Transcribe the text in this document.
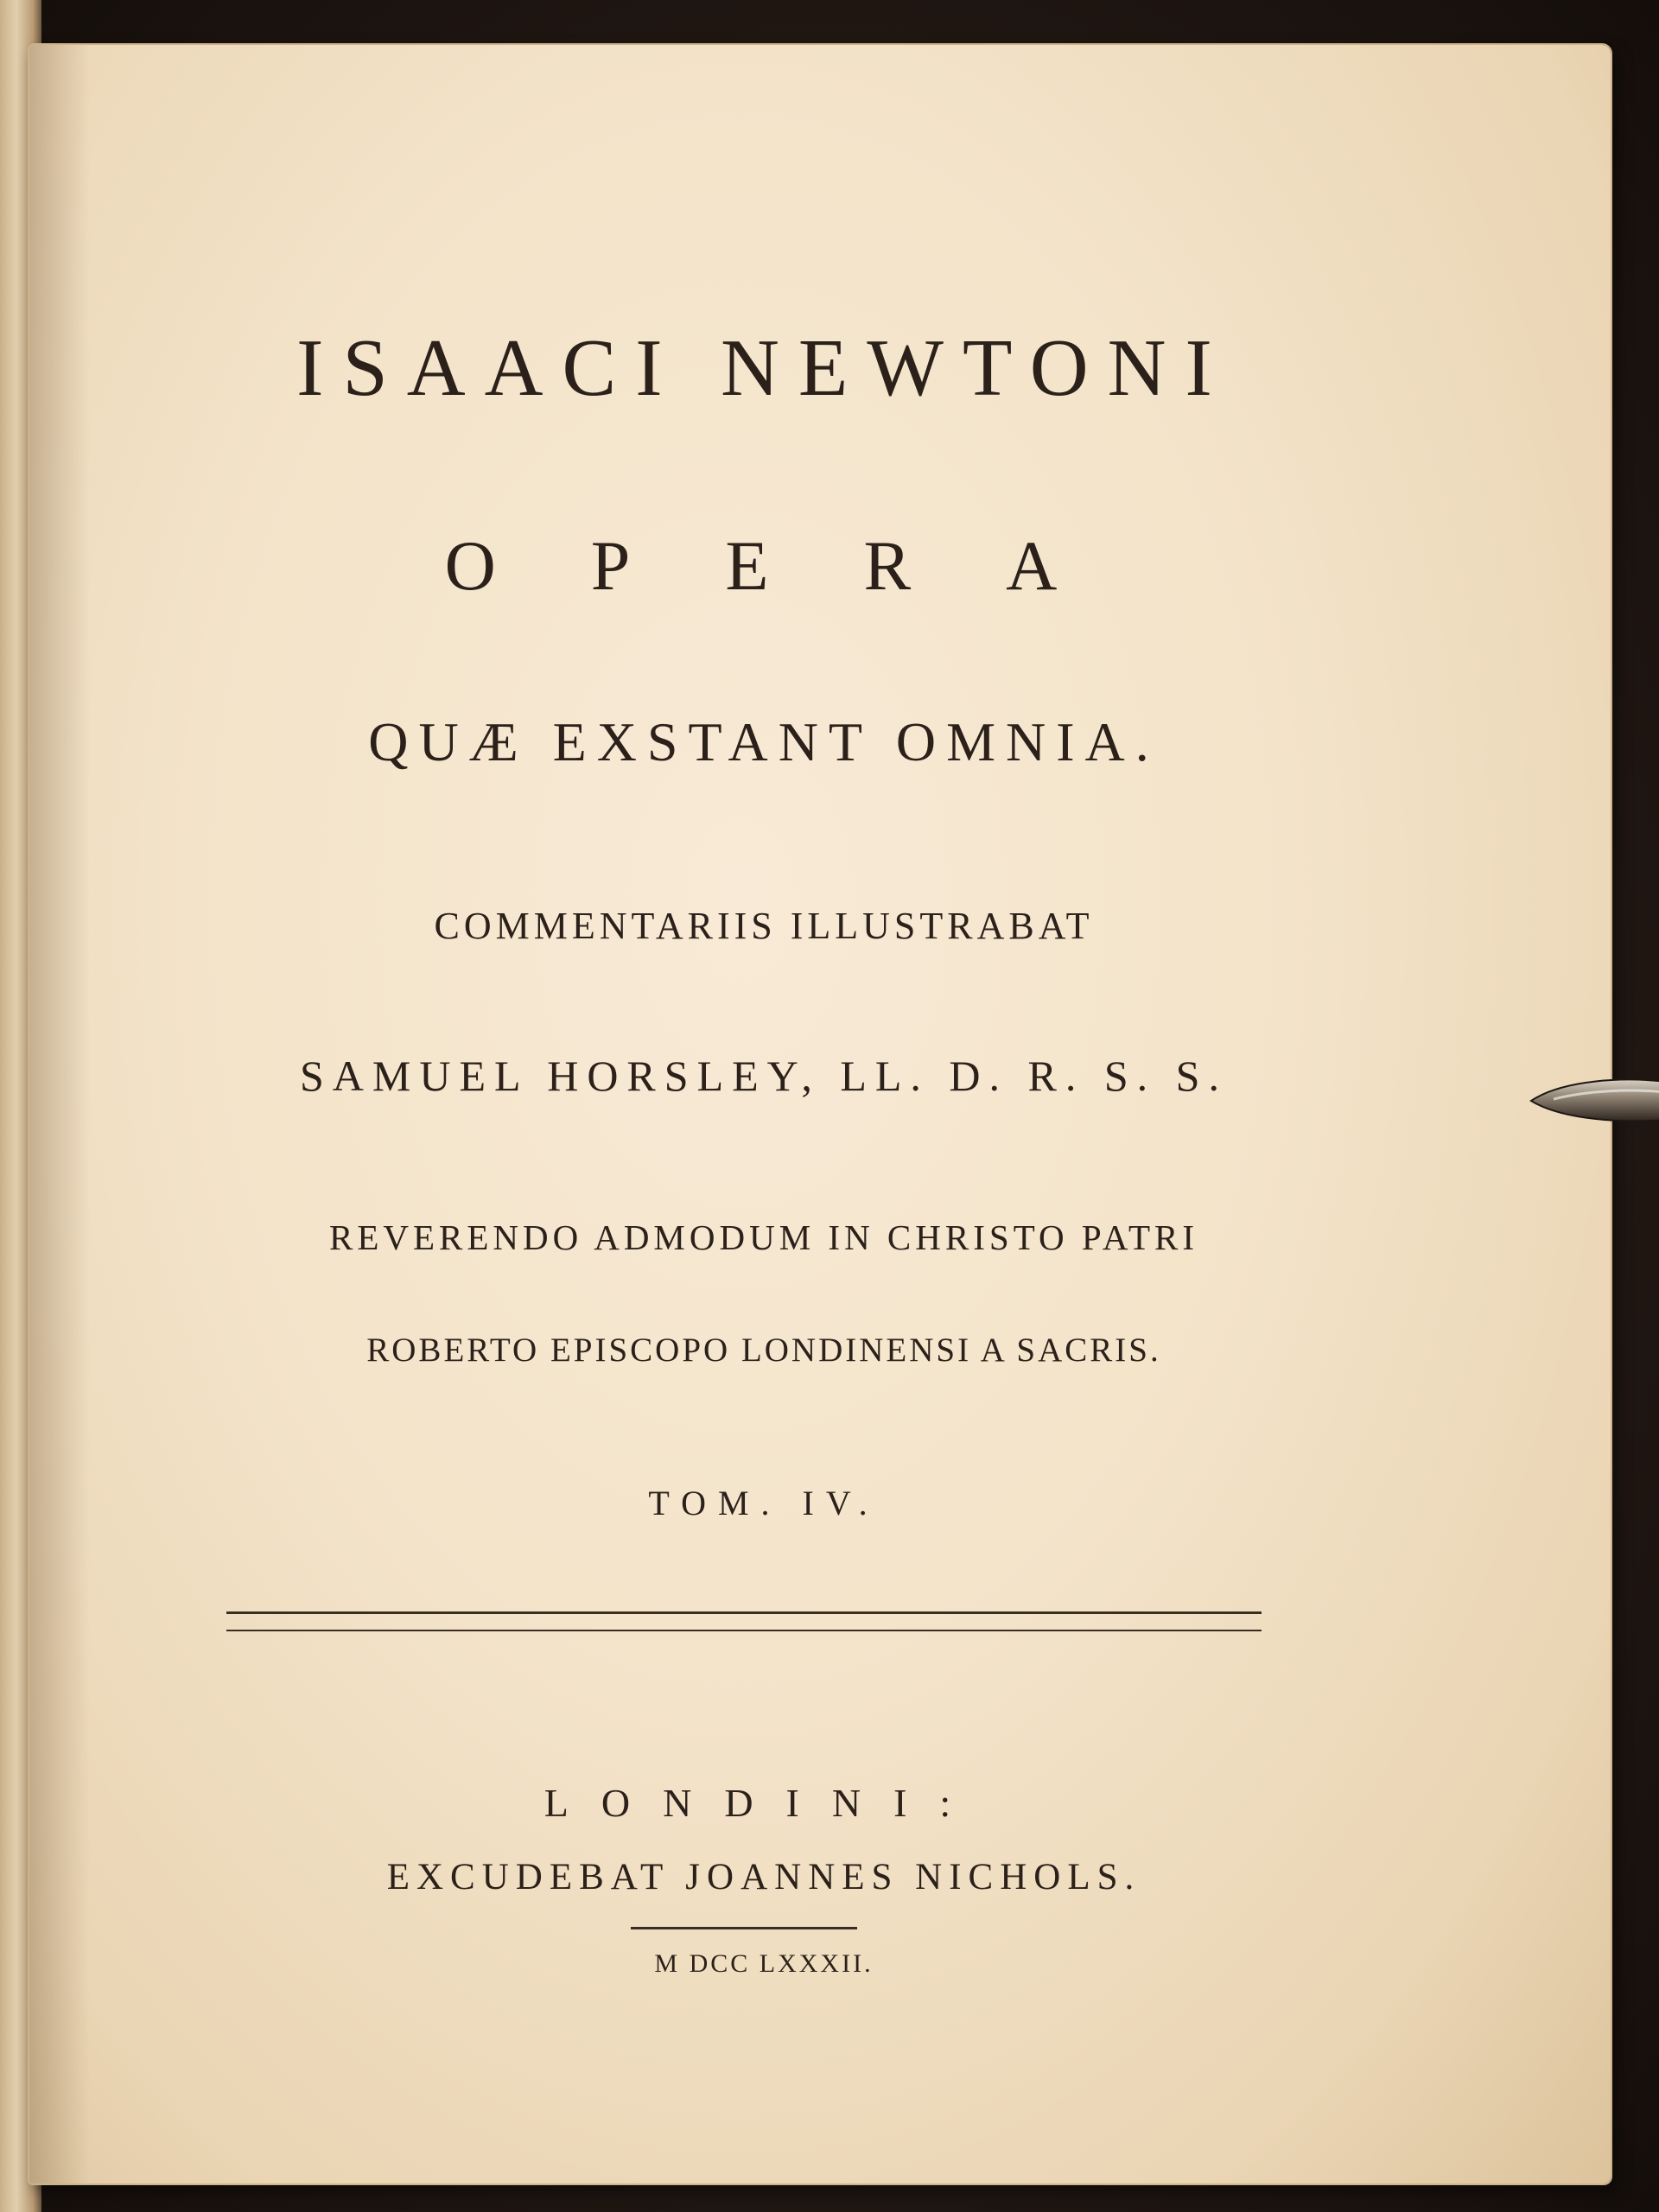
ISAACI NEWTONI
OPERA
QUÆ EXSTANT OMNIA.
COMMENTARIIS ILLUSTRABAT
SAMUEL HORSLEY, LL. D. R. S. S.
REVERENDO ADMODUM IN CHRISTO PATRI
ROBERTO EPISCOPO LONDINENSI A SACRIS.
TOM. IV.
LONDINI:
EXCUDEBAT JOANNES NICHOLS.
M DCC LXXXII.
